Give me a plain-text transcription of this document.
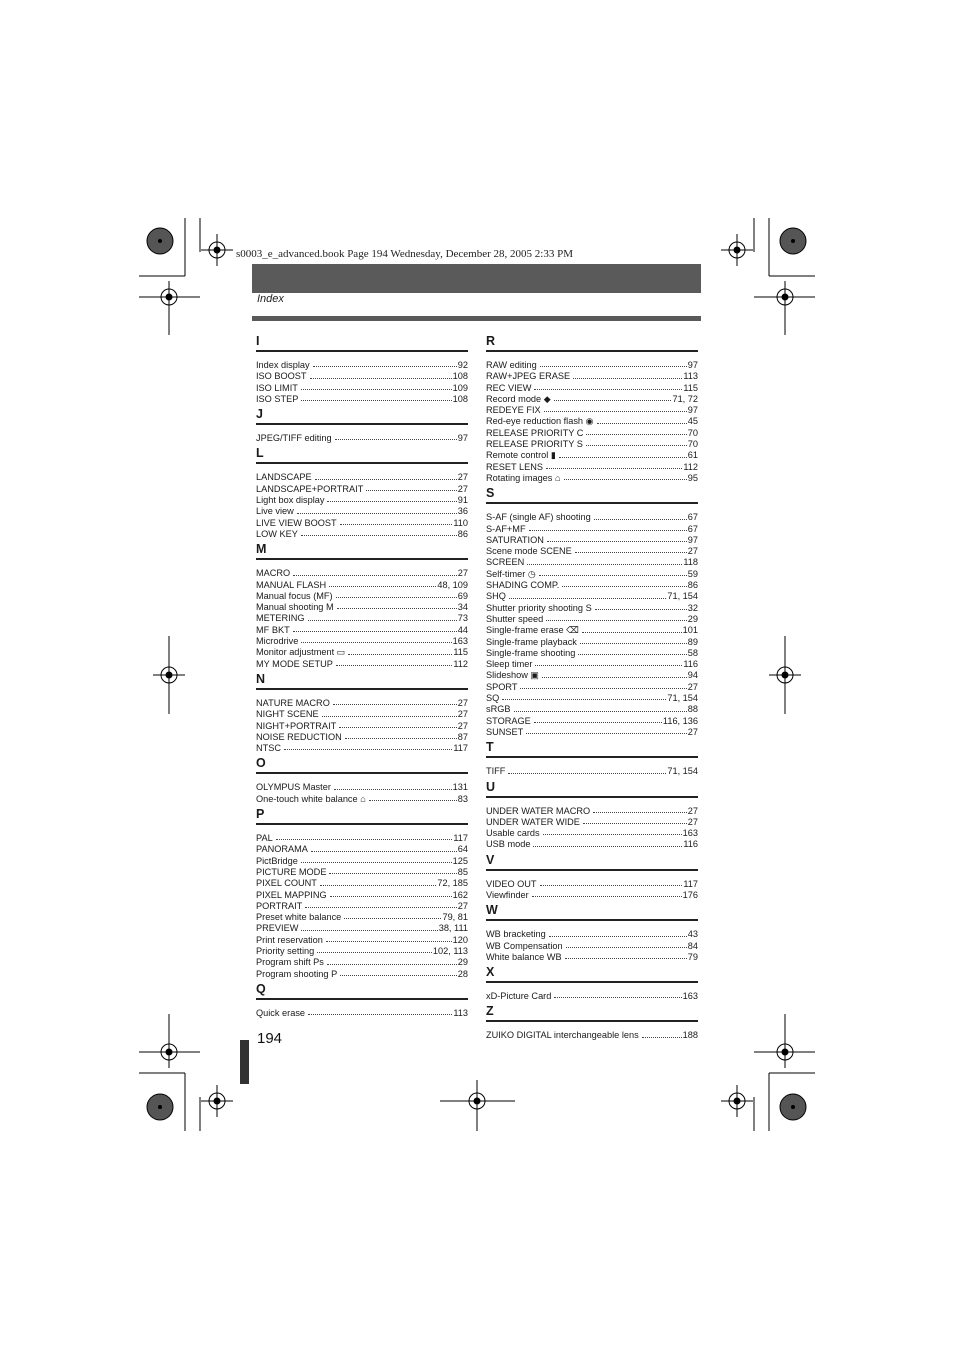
s0003_e_advanced.book Page 194 Wednesday, December 28, 2005 2:33 PM
Index
I
Index display	92
ISO BOOST	108
ISO LIMIT	109
ISO STEP	108
J
JPEG/TIFF editing	97
L
LANDSCAPE	27
LANDSCAPE+PORTRAIT	27
Light box display	91
Live view	36
LIVE VIEW BOOST	110
LOW KEY	86
M
MACRO	27
MANUAL FLASH	48, 109
Manual focus (MF)	69
Manual shooting M	34
METERING	73
MF BKT	44
Microdrive	163
Monitor adjustment ▭	115
MY MODE SETUP	112
N
NATURE MACRO	27
NIGHT SCENE	27
NIGHT+PORTRAIT	27
NOISE REDUCTION	87
NTSC	117
O
OLYMPUS Master	131
One-touch white balance ⌂	83
P
PAL	117
PANORAMA	64
PictBridge	125
PICTURE MODE	85
PIXEL COUNT	72, 185
PIXEL MAPPING	162
PORTRAIT	27
Preset white balance	79, 81
PREVIEW	38, 111
Print reservation	120
Priority setting	102, 113
Program shift Ps	29
Program shooting P	28
Q
Quick erase	113
R
RAW editing	97
RAW+JPEG ERASE	113
REC VIEW	115
Record mode ◆	71, 72
REDEYE FIX	97
Red-eye reduction flash ◉	45
RELEASE PRIORITY C	70
RELEASE PRIORITY S	70
Remote control ▮	61
RESET LENS	112
Rotating images ⌂	95
S
S-AF (single AF) shooting	67
S-AF+MF	67
SATURATION	97
Scene mode SCENE	27
SCREEN	118
Self-timer ◷	59
SHADING COMP.	86
SHQ	71, 154
Shutter priority shooting S	32
Shutter speed	29
Single-frame erase ⌫	101
Single-frame playback	89
Single-frame shooting	58
Sleep timer	116
Slideshow ▣	94
SPORT	27
SQ	71, 154
sRGB	88
STORAGE	116, 136
SUNSET	27
T
TIFF	71, 154
U
UNDER WATER MACRO	27
UNDER WATER WIDE	27
Usable cards	163
USB mode	116
V
VIDEO OUT	117
Viewfinder	176
W
WB bracketing	43
WB Compensation	84
White balance WB	79
X
xD-Picture Card	163
Z
ZUIKO DIGITAL interchangeable lens	188
194
